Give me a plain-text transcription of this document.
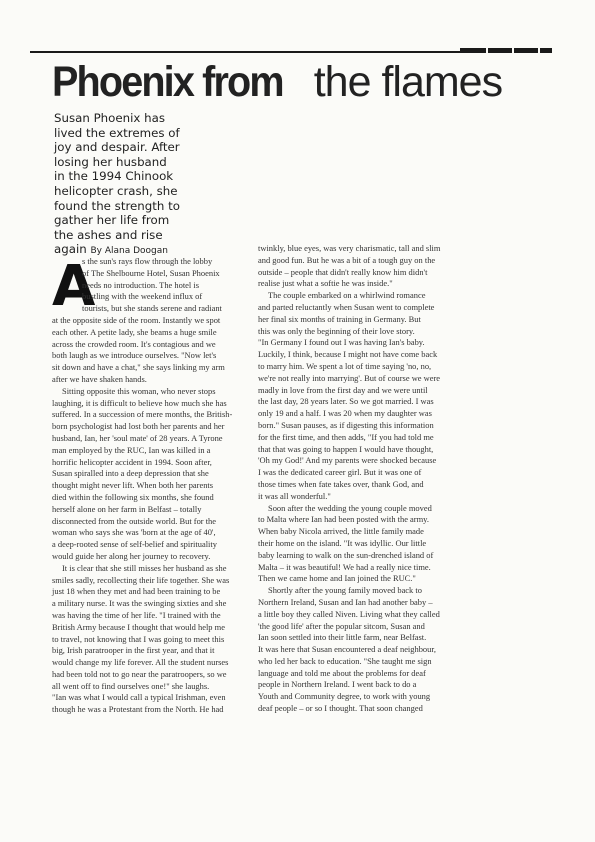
Phoenix from the flames
Susan Phoenix has
lived the extremes of
joy and despair. After
losing her husband
in the 1994 Chinook
helicopter crash, she
found the strength to
gather her life from
the ashes and rise
again By Alana Doogan
A

s the sun's rays flow through the lobby

of The Shelbourne Hotel, Susan Phoenix

needs no introduction. The hotel is

bustling with the weekend influx of

tourists, but she stands serene and radiant

at the opposite side of the room. Instantly we spot

each other. A petite lady, she beams a huge smile

across the crowded room. It's contagious and we

both laugh as we introduce ourselves. "Now let's

sit down and have a chat," she says linking my arm

after we have shaken hands.

Sitting opposite this woman, who never stops

laughing, it is difficult to believe how much she has

suffered. In a succession of mere months, the British-

born psychologist had lost both her parents and her

husband, Ian, her 'soul mate' of 28 years. A Tyrone

man employed by the RUC, Ian was killed in a

horrific helicopter accident in 1994. Soon after,

Susan spiralled into a deep depression that she

thought might never lift. When both her parents

died within the following six months, she found

herself alone on her farm in Belfast – totally

disconnected from the outside world. But for the

woman who says she was 'born at the age of 40',

a deep-rooted sense of self-belief and spirituality

would guide her along her journey to recovery.

It is clear that she still misses her husband as she

smiles sadly, recollecting their life together. She was

just 18 when they met and had been training to be

a military nurse. It was the swinging sixties and she

was having the time of her life. "I trained with the

British Army because I thought that would help me

to travel, not knowing that I was going to meet this

big, Irish paratrooper in the first year, and that it

would change my life forever. All the student nurses

had been told not to go near the paratroopers, so we

all went off to find ourselves one!" she laughs.

"Ian was what I would call a typical Irishman, even

though he was a Protestant from the North. He had

twinkly, blue eyes, was very charismatic, tall and slim

and good fun. But he was a bit of a tough guy on the

outside – people that didn't really know him didn't

realise just what a softie he was inside."

The couple embarked on a whirlwind romance

and parted reluctantly when Susan went to complete

her final six months of training in Germany. But

this was only the beginning of their love story.

"In Germany I found out I was having Ian's baby.

Luckily, I think, because I might not have come back

to marry him. We spent a lot of time saying 'no, no,

we're not really into marrying'. But of course we were

madly in love from the first day and we were until

the last day, 28 years later. So we got married. I was

only 19 and a half. I was 20 when my daughter was

born." Susan pauses, as if digesting this information

for the first time, and then adds, "If you had told me

that that was going to happen I would have thought,

'Oh my God!' And my parents were shocked because

I was the dedicated career girl. But it was one of

those times when fate takes over, thank God, and

it was all wonderful."

Soon after the wedding the young couple moved

to Malta where Ian had been posted with the army.

When baby Nicola arrived, the little family made

their home on the island. "It was idyllic. Our little

baby learning to walk on the sun-drenched island of

Malta – it was beautiful! We had a really nice time.

Then we came home and Ian joined the RUC."

Shortly after the young family moved back to

Northern Ireland, Susan and Ian had another baby –

a little boy they called Niven. Living what they called

'the good life' after the popular sitcom, Susan and

Ian soon settled into their little farm, near Belfast.

It was here that Susan encountered a deaf neighbour,

who led her back to education. "She taught me sign

language and told me about the problems for deaf

people in Northern Ireland. I went back to do a

Youth and Community degree, to work with young

deaf people – or so I thought. That soon changed
